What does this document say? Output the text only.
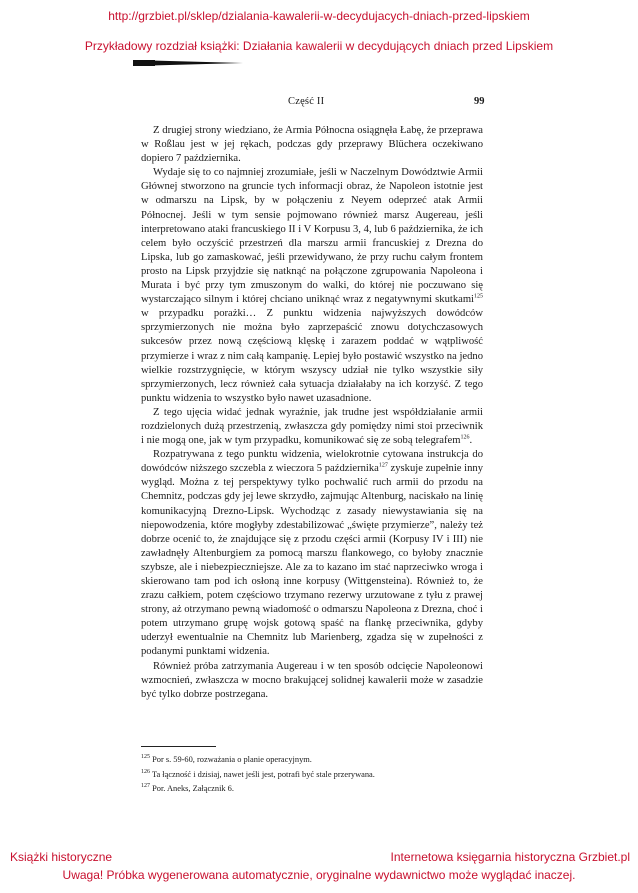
http://grzbiet.pl/sklep/dzialania-kawalerii-w-decydujacych-dniach-przed-lipskiem
Przykładowy rozdział książki: Działania kawalerii w decydujących dniach przed Lipskiem
Część II	99

Z drugiej strony wiedziano, że Armia Północna osiągnęła Łabę, że przeprawa w Roßlau jest w jej rękach, podczas gdy przeprawy Blüchera oczekiwano dopiero 7 października.

Wydaje się to co najmniej zrozumiałe, jeśli w Naczelnym Dowództwie Armii Głównej stworzono na gruncie tych informacji obraz, że Napoleon istotnie jest w odmarszu na Lipsk, by w połączeniu z Neyem odeprzeć atak Armii Północnej. Jeśli w tym sensie pojmowano również marsz Augereau, jeśli interpretowano ataki francuskiego II i V Korpusu 3, 4, lub 6 października, że ich celem było oczyścić przestrzeń dla marszu armii francuskiej z Drezna do Lipska, lub go zamaskować, jeśli przewidywano, że przy ruchu całym frontem prosto na Lipsk przyjdzie się natknąć na połączone zgrupowania Napoleona i Murata i być przy tym zmuszonym do walki, do której nie poczuwano się wystarczająco silnym i której chciano uniknąć wraz z negatywnymi skutkami$^{125}$ w przypadku porażki… Z punktu widzenia najwyższych dowódców sprzymierzonych nie można było zaprzepaścić znowu dotychczasowych sukcesów przez nową częściową klęskę i zarazem poddać w wątpliwość przymierze i wraz z nim całą kampanię. Lepiej było postawić wszystko na jedno wielkie rozstrzygnięcie, w którym wszyscy udział nie tylko wszystkie siły sprzymierzonych, lecz również cała sytuacja działałaby na ich korzyść. Z tego punktu widzenia to wszystko było nawet uzasadnione.

Z tego ujęcia widać jednak wyraźnie, jak trudne jest współdziałanie armii rozdzielonych dużą przestrzenią, zwłaszcza gdy pomiędzy nimi stoi przeciwnik i nie mogą one, jak w tym przypadku, komunikować się ze sobą telegrafem$^{126}$.

Rozpatrywana z tego punktu widzenia, wielokrotnie cytowana instrukcja do dowódców niższego szczebla z wieczora 5 października$^{127}$ zyskuje zupełnie inny wygląd. Można z tej perspektywy tylko pochwalić ruch armii do przodu na Chemnitz, podczas gdy jej lewe skrzydło, zajmując Altenburg, naciskało na linię komunikacyjną Drezno-Lipsk. Wychodząc z zasady niewystawiania się na niepowodzenia, które mogłyby zdestabilizować „święte przymierze”, należy też dobrze ocenić to, że znajdujące się z przodu części armii (Korpusy IV i III) nie zawładnęły Altenburgiem za pomocą marszu flankowego, co byłoby znacznie szybsze, ale i niebezpieczniejsze. Ale za to kazano im stać naprzeciwko wroga i skierowano tam pod ich osłoną inne korpusy (Wittgensteina). Również to, że zrazu całkiem, potem częściowo trzymano rezerwy urzutowane z tyłu z prawej strony, aż otrzymano pewną wiadomość o odmarszu Napoleona z Drezna, choć i potem utrzymano grupę wojsk gotową spaść na flankę przeciwnika, gdyby uderzył ewentualnie na Chemnitz lub Marienberg, zgadza się w zupełności z podanymi punktami widzenia.

Również próba zatrzymania Augereau i w ten sposób odcięcie Napoleonowi wzmocnień, zwłaszcza w mocno brakującej solidnej kawalerii może w zasadzie być tylko dobrze postrzegana.

$^{125}$ Por s. 59-60, rozważania o planie operacyjnym.
$^{126}$ Ta łączność i dzisiaj, nawet jeśli jest, potrafi być stale przerywana.
$^{127}$ Por. Aneks, Załącznik 6.
Książki historyczne	Internetowa księgarnia historyczna Grzbiet.pl
Uwaga! Próbka wygenerowana automatycznie, oryginalne wydawnictwo może wyglądać inaczej.
